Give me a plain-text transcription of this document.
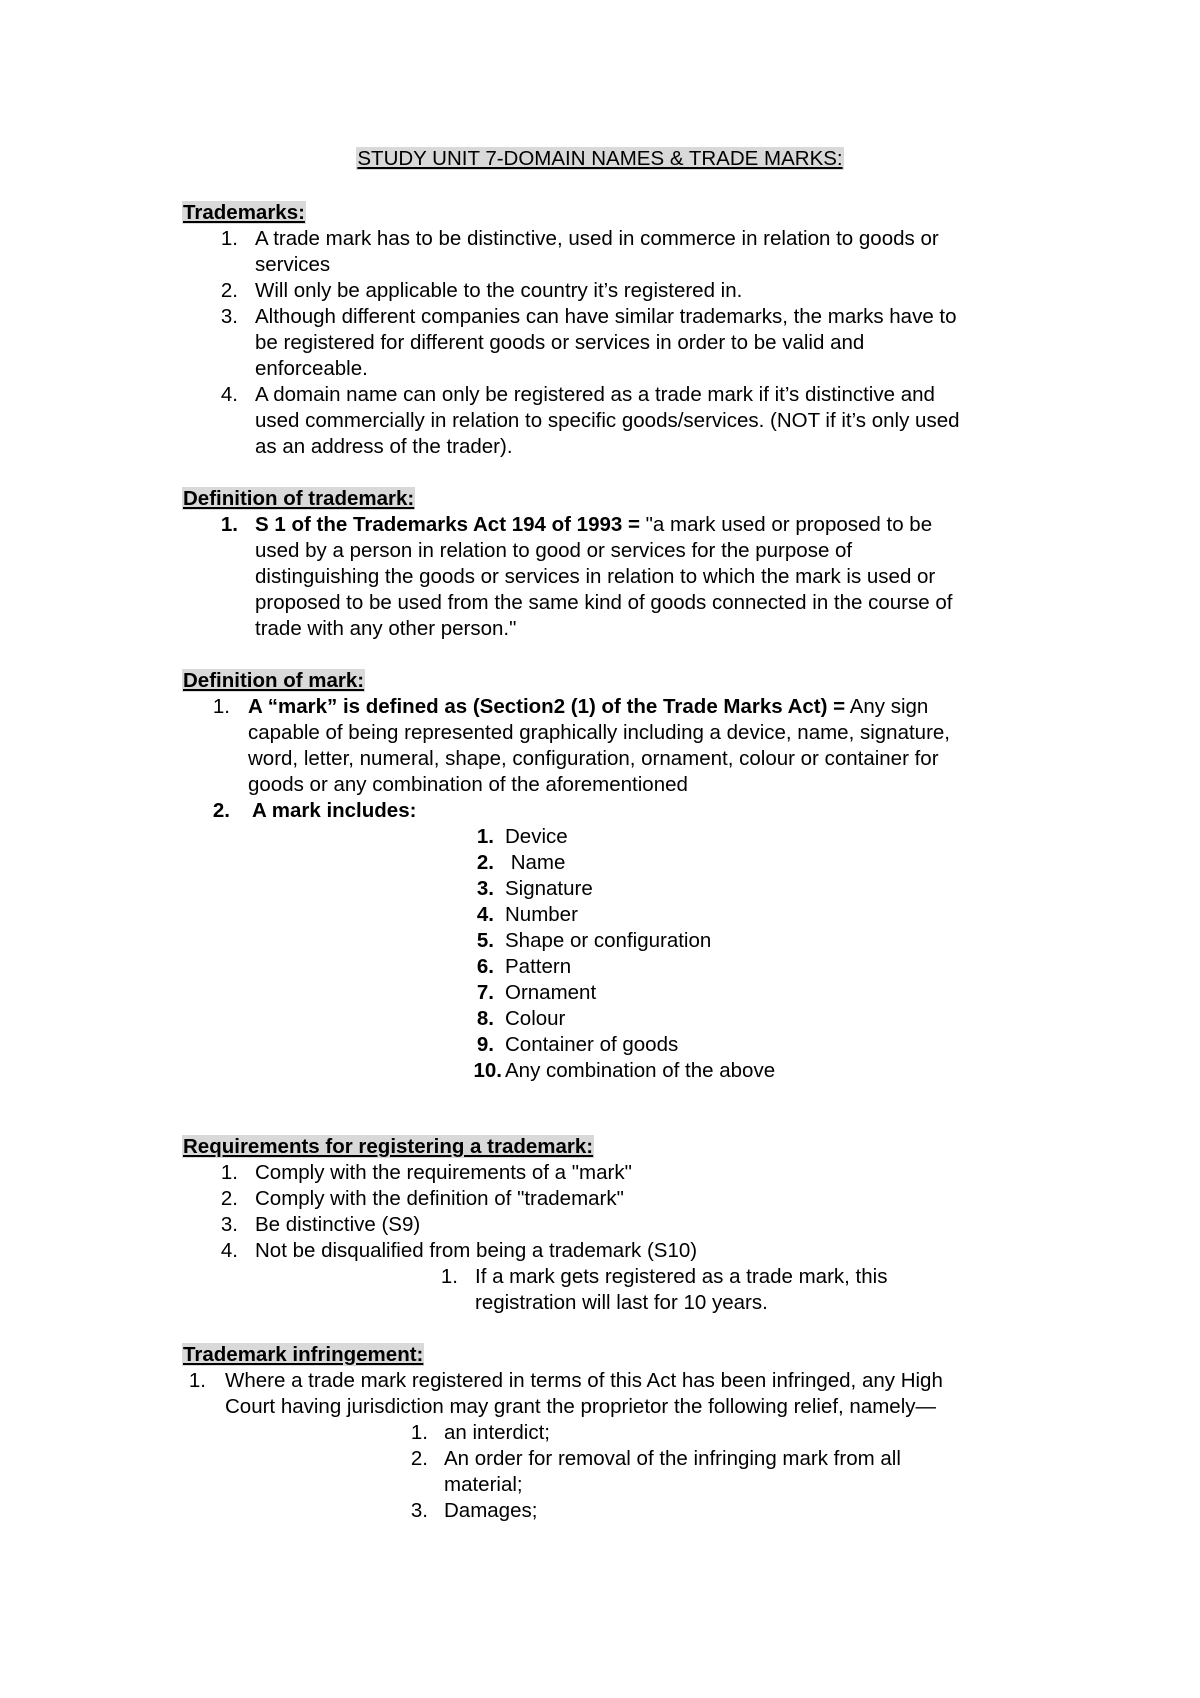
STUDY UNIT 7-DOMAIN NAMES & TRADE MARKS:
Trademarks:
1. A trade mark has to be distinctive, used in commerce in relation to goods or
services
2. Will only be applicable to the country it’s registered in.
3. Although different companies can have similar trademarks, the marks have to
be registered for different goods or services in order to be valid and
enforceable.
4. A domain name can only be registered as a trade mark if it’s distinctive and
used commercially in relation to specific goods/services. (NOT if it’s only used
as an address of the trader).
Definition of trademark:
1. S 1 of the Trademarks Act 194 of 1993 = "a mark used or proposed to be
used by a person in relation to good or services for the purpose of
distinguishing the goods or services in relation to which the mark is used or
proposed to be used from the same kind of goods connected in the course of
trade with any other person."
Definition of mark:
1. A “mark” is defined as (Section2 (1) of the Trade Marks Act) = Any sign
capable of being represented graphically including a device, name, signature,
word, letter, numeral, shape, configuration, ornament, colour or container for
goods or any combination of the aforementioned
2. A mark includes:
1. Device
2. Name
3. Signature
4. Number
5. Shape or configuration
6. Pattern
7. Ornament
8. Colour
9. Container of goods
10. Any combination of the above
Requirements for registering a trademark:
1. Comply with the requirements of a "mark"
2. Comply with the definition of "trademark"
3. Be distinctive (S9)
4. Not be disqualified from being a trademark (S10)
1. If a mark gets registered as a trade mark, this
registration will last for 10 years.
Trademark infringement:
1. Where a trade mark registered in terms of this Act has been infringed, any High
Court having jurisdiction may grant the proprietor the following relief, namely—
1. an interdict;
2. An order for removal of the infringing mark from all
material;
3. Damages;
